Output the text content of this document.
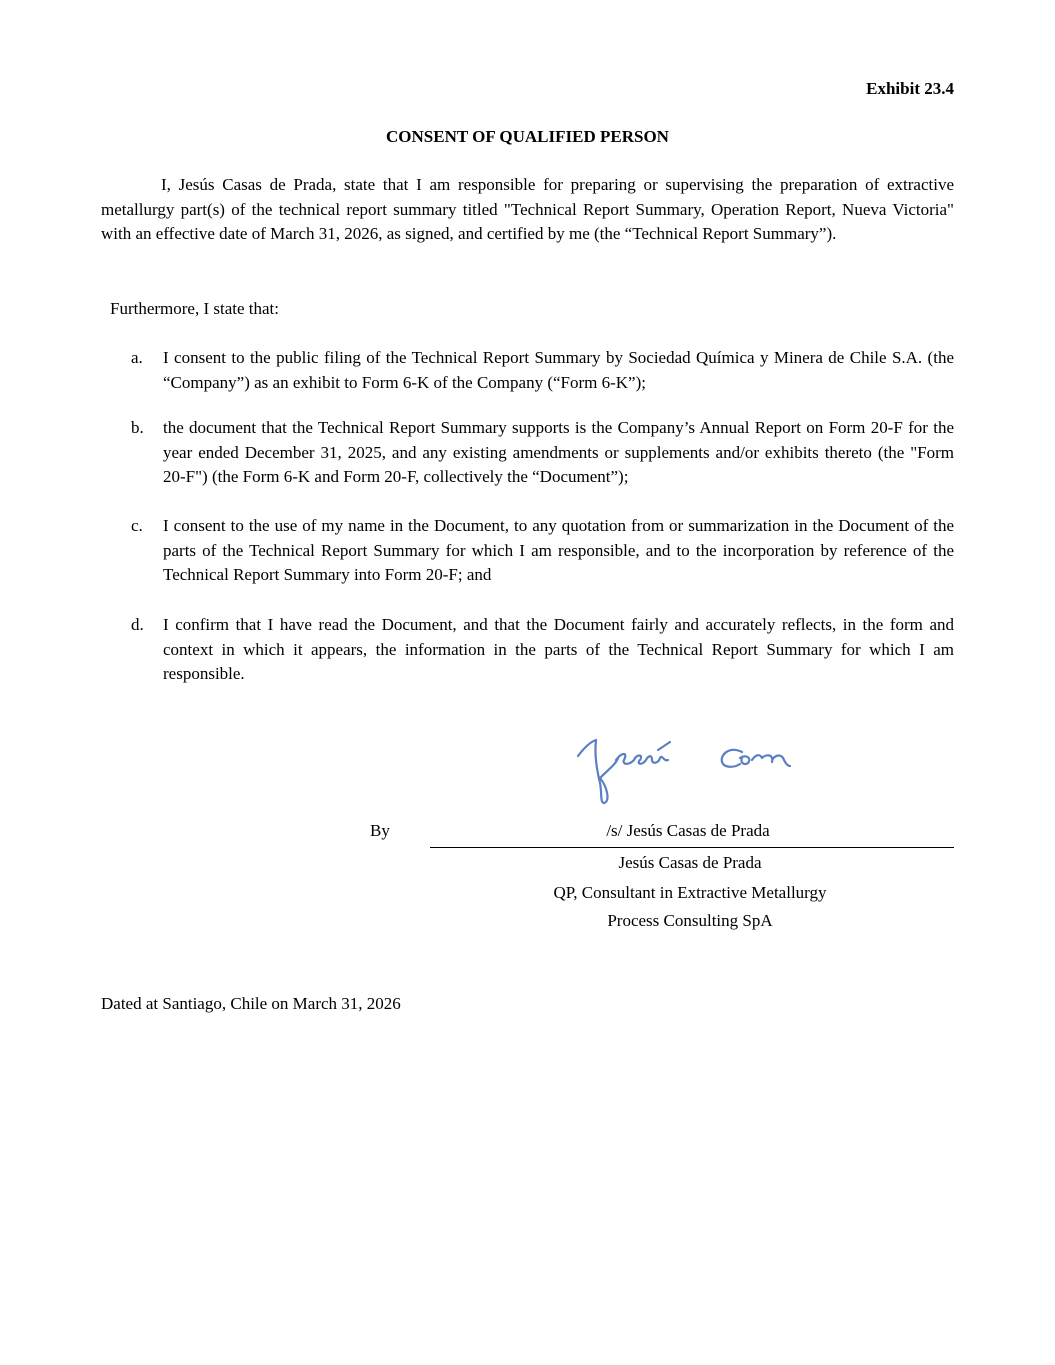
Exhibit 23.4
CONSENT OF QUALIFIED PERSON
I, Jesús Casas de Prada, state that I am responsible for preparing or supervising the preparation of extractive metallurgy part(s) of the technical report summary titled "Technical Report Summary, Operation Report, Nueva Victoria" with an effective date of March 31, 2026, as signed, and certified by me (the “Technical Report Summary”).
Furthermore, I state that:
a. I consent to the public filing of the Technical Report Summary by Sociedad Química y Minera de Chile S.A. (the “Company”) as an exhibit to Form 6-K of the Company (“Form 6-K”);
b. the document that the Technical Report Summary supports is the Company’s Annual Report on Form 20-F for the year ended December 31, 2025, and any existing amendments or supplements and/or exhibits thereto (the "Form 20-F") (the Form 6-K and Form 20-F, collectively the “Document”);
c. I consent to the use of my name in the Document, to any quotation from or summarization in the Document of the parts of the Technical Report Summary for which I am responsible, and to the incorporation by reference of the Technical Report Summary into Form 20-F; and
d. I confirm that I have read the Document, and that the Document fairly and accurately reflects, in the form and context in which it appears, the information in the parts of the Technical Report Summary for which I am responsible.
By	/s/ Jesús Casas de Prada
Jesús Casas de Prada
QP, Consultant in Extractive Metallurgy
Process Consulting SpA
Dated at Santiago, Chile on March 31, 2026
